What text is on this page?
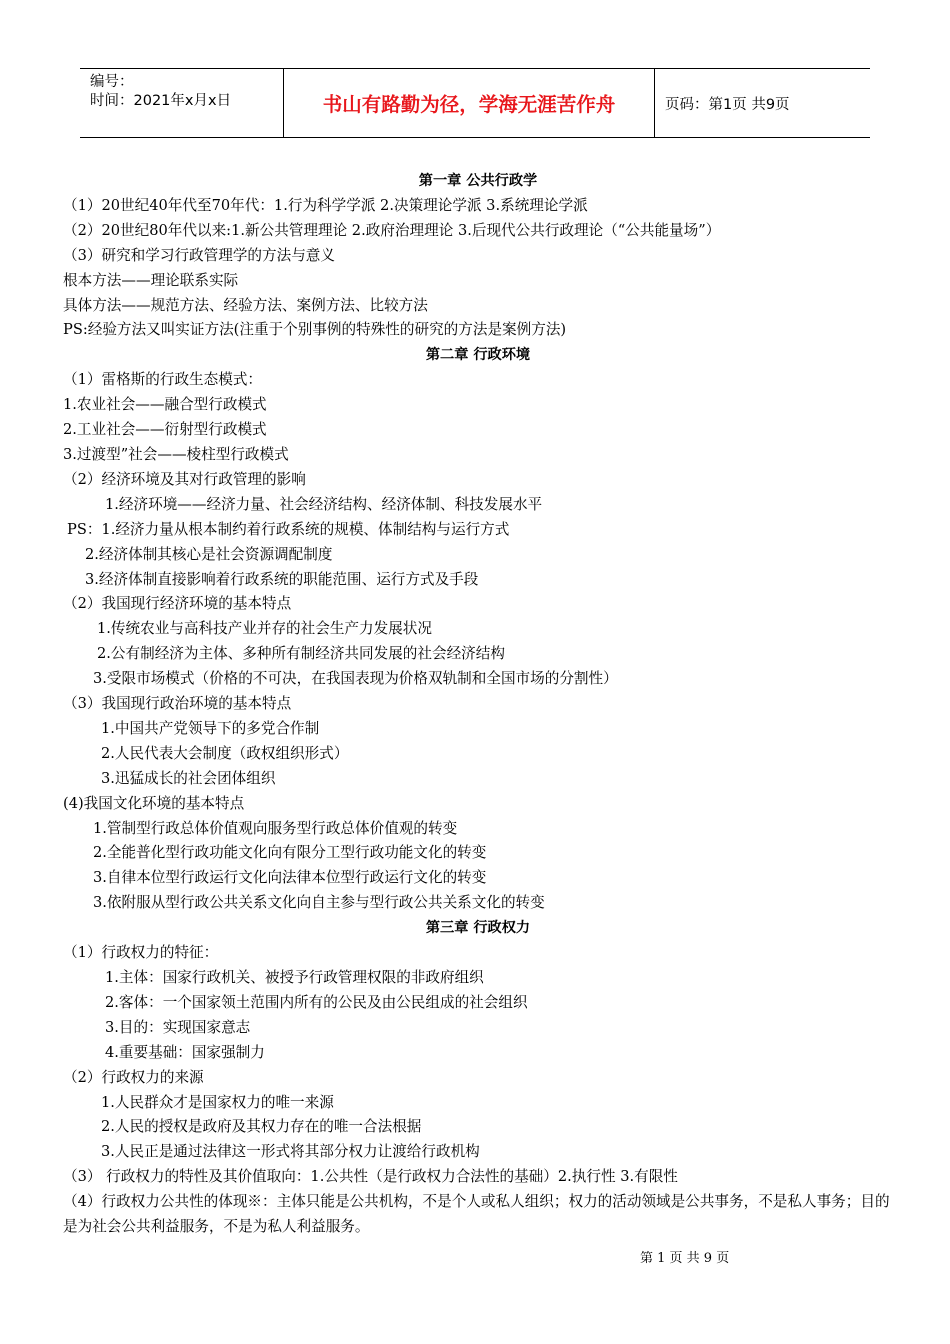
编号：
时间：2021年x月x日	书山有路勤为径，学海无涯苦作舟	页码：第1页 共9页
第一章 公共行政学
（1）20世纪40年代至70年代：1.行为科学学派 2.决策理论学派 3.系统理论学派
（2）20世纪80年代以来:1.新公共管理理论 2.政府治理理论 3.后现代公共行政理论（“公共能量场”）
（3）研究和学习行政管理学的方法与意义
根本方法——理论联系实际
具体方法——规范方法、经验方法、案例方法、比较方法
PS:经验方法又叫实证方法(注重于个别事例的特殊性的研究的方法是案例方法)
第二章 行政环境
（1）雷格斯的行政生态模式：
1.农业社会——融合型行政模式
2.工业社会——衍射型行政模式
3.过渡型”社会——棱柱型行政模式
（2）经济环境及其对行政管理的影响
1.经济环境——经济力量、社会经济结构、经济体制、科技发展水平
PS：1.经济力量从根本制约着行政系统的规模、体制结构与运行方式
2.经济体制其核心是社会资源调配制度
3.经济体制直接影响着行政系统的职能范围、运行方式及手段
（2）我国现行经济环境的基本特点
1.传统农业与高科技产业并存的社会生产力发展状况
2.公有制经济为主体、多种所有制经济共同发展的社会经济结构
3.受限市场模式（价格的不可决，在我国表现为价格双轨制和全国市场的分割性）
（3）我国现行政治环境的基本特点
1.中国共产党领导下的多党合作制
2.人民代表大会制度（政权组织形式）
3.迅猛成长的社会团体组织
(4)我国文化环境的基本特点
1.管制型行政总体价值观向服务型行政总体价值观的转变
2.全能普化型行政功能文化向有限分工型行政功能文化的转变
3.自律本位型行政运行文化向法律本位型行政运行文化的转变
3.依附服从型行政公共关系文化向自主参与型行政公共关系文化的转变
第三章 行政权力
（1）行政权力的特征：
1.主体：国家行政机关、被授予行政管理权限的非政府组织
2.客体：一个国家领土范围内所有的公民及由公民组成的社会组织
3.目的：实现国家意志
4.重要基础：国家强制力
（2）行政权力的来源
1.人民群众才是国家权力的唯一来源
2.人民的授权是政府及其权力存在的唯一合法根据
3.人民正是通过法律这一形式将其部分权力让渡给行政机构
（3） 行政权力的特性及其价值取向：1.公共性（是行政权力合法性的基础）2.执行性 3.有限性
（4）行政权力公共性的体现※：主体只能是公共机构，不是个人或私人组织；权力的活动领域是公共事务，不是私人事务；目的是为社会公共利益服务，不是为私人利益服务。
第 1 页 共 9 页
